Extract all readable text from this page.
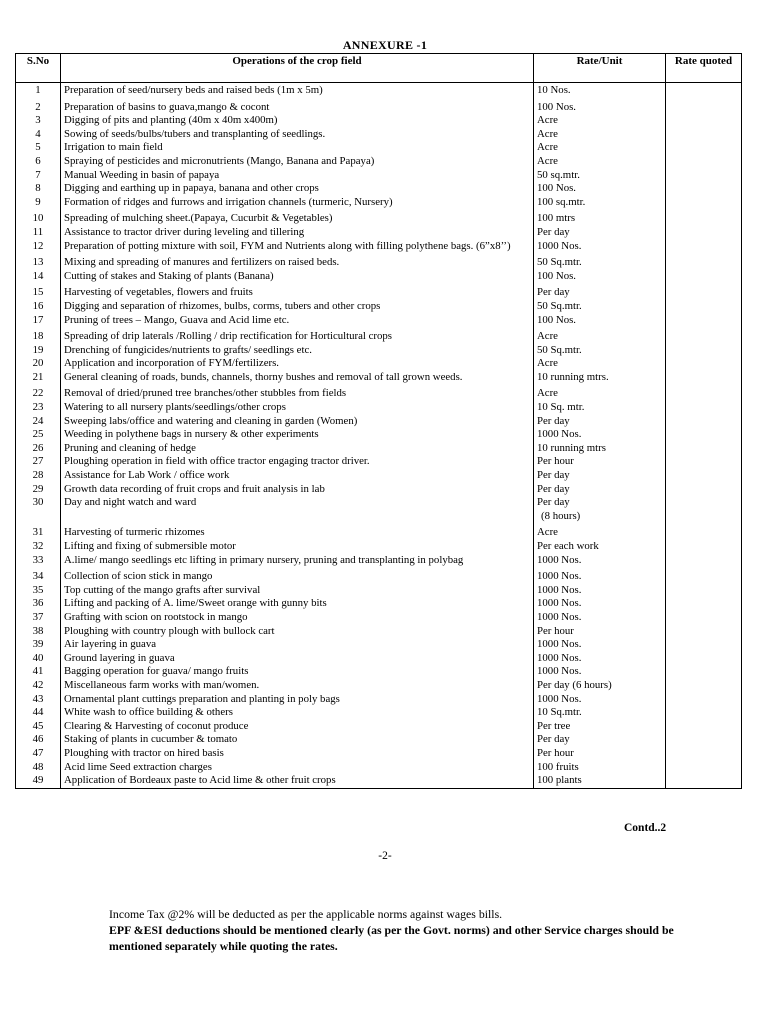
ANNEXURE -1
S.No	Operations of the crop field	Rate/Unit	Rate quoted
1	Preparation of seed/nursery beds and raised beds (1m x 5m)	10 Nos.	

2	Preparation of basins to guava,mango & cocont	100 Nos.	

3	Digging of pits and planting (40m x 40m x400m)	Acre	

4	Sowing of seeds/bulbs/tubers and transplanting of seedlings.	Acre	

5	Irrigation to main field	Acre	

6	Spraying of pesticides and micronutrients (Mango, Banana and Papaya)	Acre	

7	Manual Weeding in basin of papaya	50 sq.mtr.	

8	Digging and earthing up in papaya, banana and other crops	100 Nos.	

9	Formation of ridges and furrows and irrigation channels (turmeric, Nursery)	100 sq.mtr.	

10	Spreading of mulching sheet.(Papaya, Cucurbit & Vegetables)	100 mtrs	

11	Assistance to tractor driver during leveling and tillering	Per day	

12	Preparation of potting mixture with soil, FYM and Nutrients along with filling polythene bags. (6”x8’’)	1000 Nos.	

13	Mixing and spreading of manures and fertilizers on raised beds.	50 Sq.mtr.	

14	Cutting of stakes and Staking of plants (Banana)	100 Nos.	

15	Harvesting of vegetables, flowers and fruits	Per day	

16	Digging and separation of rhizomes, bulbs, corms, tubers and other crops	50 Sq.mtr.	

17	Pruning of trees – Mango, Guava and Acid lime etc.	100 Nos.	

18	Spreading of drip laterals /Rolling / drip rectification for Horticultural crops	Acre	

19	Drenching of fungicides/nutrients to grafts/ seedlings etc.	50 Sq.mtr.	

20	Application and incorporation of FYM/fertilizers.	Acre	

21	General cleaning of roads, bunds, channels, thorny bushes and removal of tall grown weeds.	10 running mtrs.	

22	Removal of dried/pruned tree branches/other stubbles from fields	Acre	

23	Watering to all nursery plants/seedlings/other crops	10 Sq. mtr.	

24	Sweeping labs/office and watering and cleaning in garden (Women)	Per day	

25	Weeding in polythene bags in nursery & other experiments	1000 Nos.	

26	Pruning and cleaning of hedge	10 running mtrs	

27	Ploughing operation in field with office tractor engaging tractor driver.	Per hour	

28	Assistance for Lab Work / office work	Per day	

29	Growth data recording of fruit crops and fruit analysis in lab	Per day	

30	Day and night watch and ward	Per day
(8 hours)	

31	Harvesting of turmeric rhizomes	Acre	

32	Lifting and fixing of submersible motor	Per each work	

33	A.lime/ mango seedlings etc lifting in primary nursery, pruning and transplanting in polybag	1000 Nos.	

34	Collection of scion stick in mango	1000 Nos.	

35	Top cutting of the mango grafts after survival	1000 Nos.	

36	Lifting and packing of A. lime/Sweet orange with gunny bits	1000 Nos.	

37	Grafting with scion on rootstock in mango	1000 Nos.	

38	Ploughing with country plough with bullock cart	Per hour	

39	Air layering in guava	1000 Nos.	

40	Ground layering in guava	1000 Nos.	

41	Bagging operation for guava/ mango fruits	1000 Nos.	

42	Miscellaneous farm works with man/women.	Per day (6 hours)	

43	Ornamental plant cuttings preparation and planting in poly bags	1000 Nos.	

44	White wash to office building & others	10 Sq.mtr.	

45	Clearing & Harvesting of coconut produce	Per tree	

46	Staking of plants in cucumber & tomato	Per day	

47	Ploughing with tractor on hired basis	Per hour	

48	Acid lime Seed extraction charges	100 fruits	

49	Application of Bordeaux paste to Acid lime & other fruit crops	100 plants	

Contd..2
-2-
Income Tax @2% will be deducted as per the applicable norms against wages bills.
EPF &ESI deductions should be mentioned clearly (as per the Govt. norms) and other Service charges should be mentioned separately while quoting the rates.
